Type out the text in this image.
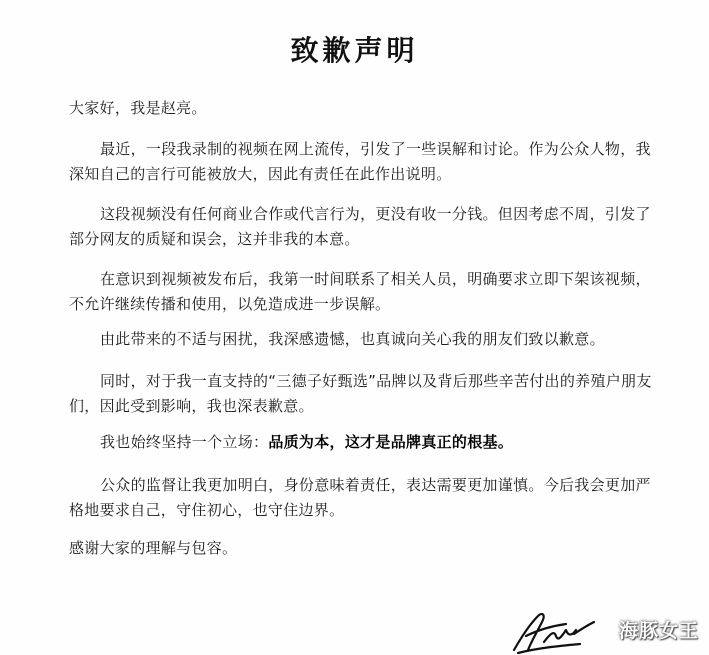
致歉声明

大家好，我是赵亮。

最近，一段我录制的视频在网上流传，引发了一些误解和讨论。作为公众人物，我深知自己的言行可能被放大，因此有责任在此作出说明。

这段视频没有任何商业合作或代言行为，更没有收一分钱。但因考虑不周，引发了部分网友的质疑和误会，这并非我的本意。

在意识到视频被发布后，我第一时间联系了相关人员，明确要求立即下架该视频，不允许继续传播和使用，以免造成进一步误解。

由此带来的不适与困扰，我深感遗憾，也真诚向关心我的朋友们致以歉意。

同时，对于我一直支持的“三德子好甄选”品牌以及背后那些辛苦付出的养殖户朋友们，因此受到影响，我也深表歉意。

我也始终坚持一个立场：品质为本，这才是品牌真正的根基。

公众的监督让我更加明白，身份意味着责任，表达需要更加谨慎。今后我会更加严格地要求自己，守住初心，也守住边界。

感谢大家的理解与包容。

海豚女王
